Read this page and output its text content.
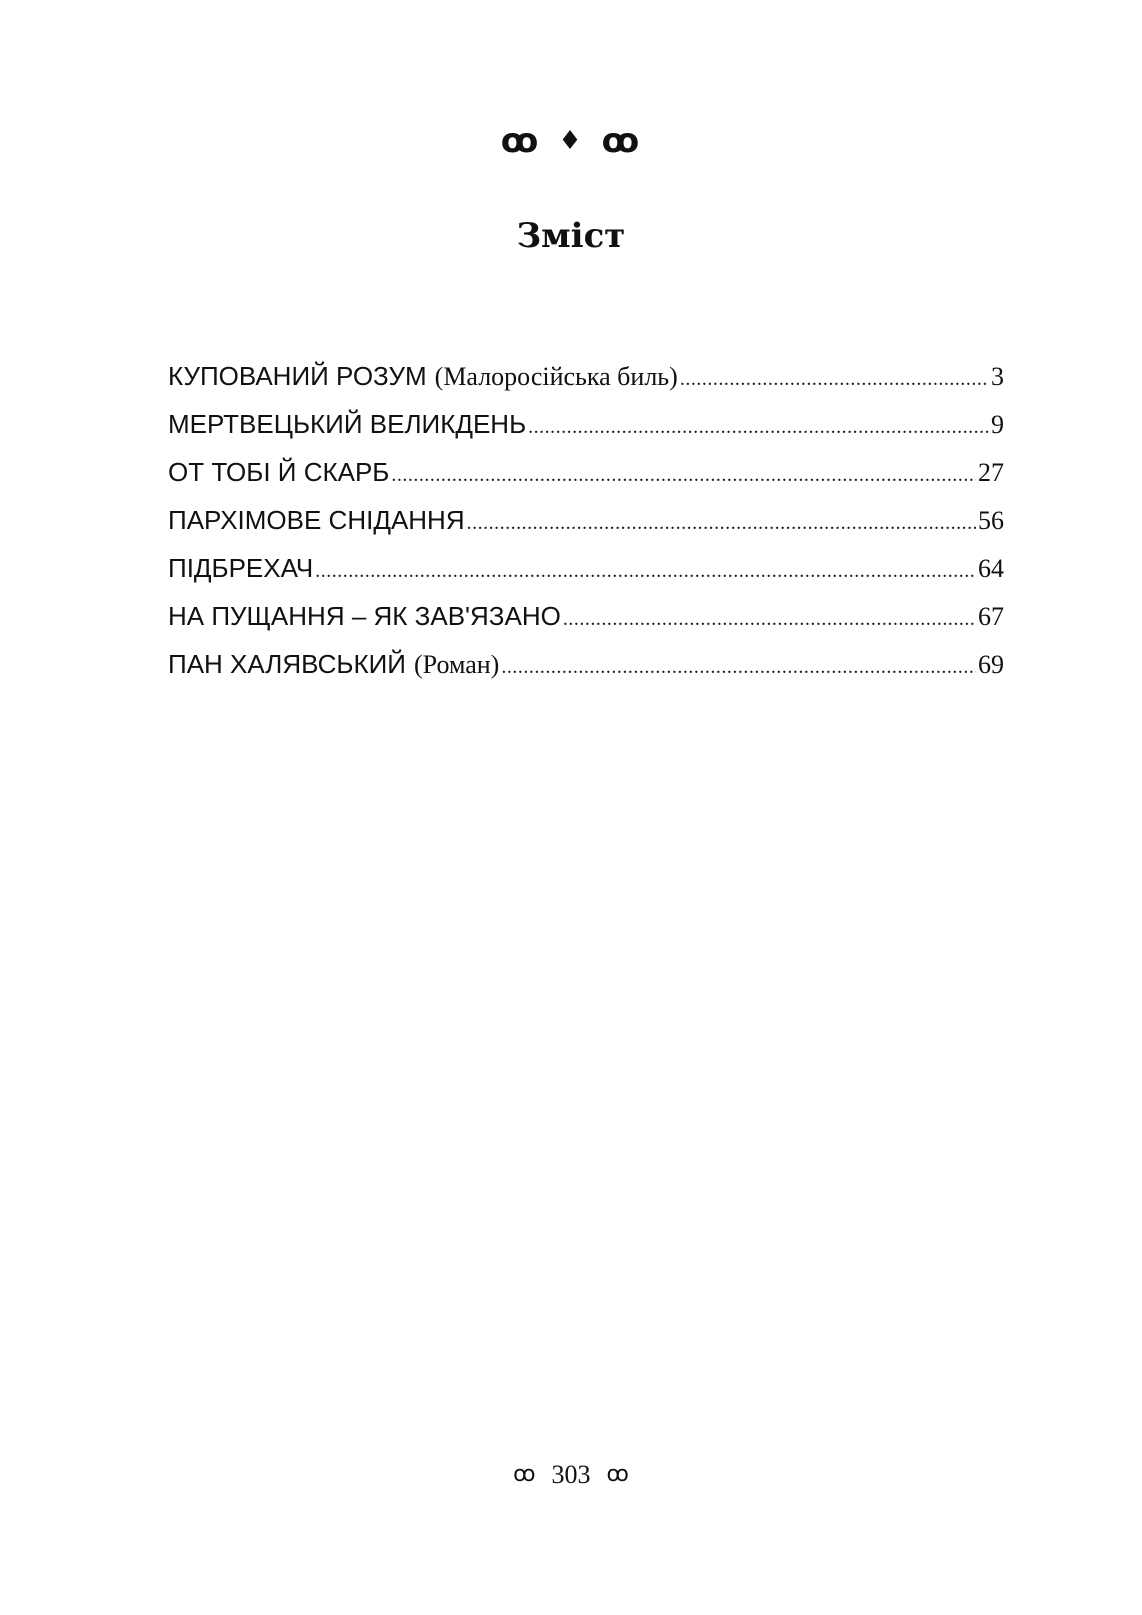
ꝏ ♦ ꝏ
Зміст
КУПОВАНИЙ РОЗУМ (Малоросійська биль) .....	3
МЕРТВЕЦЬКИЙ ВЕЛИКДЕНЬ .....	9
ОТ ТОБІ Й СКАРБ .....	27
ПАРХІМОВЕ СНІДАННЯ .....	56
ПІДБРЕХАЧ .....	64
НА ПУЩАННЯ – ЯК ЗАВ'ЯЗАНО .....	67
ПАН ХАЛЯВСЬКИЙ (Роман) .....	69
ꝏ 303 ꝏ
